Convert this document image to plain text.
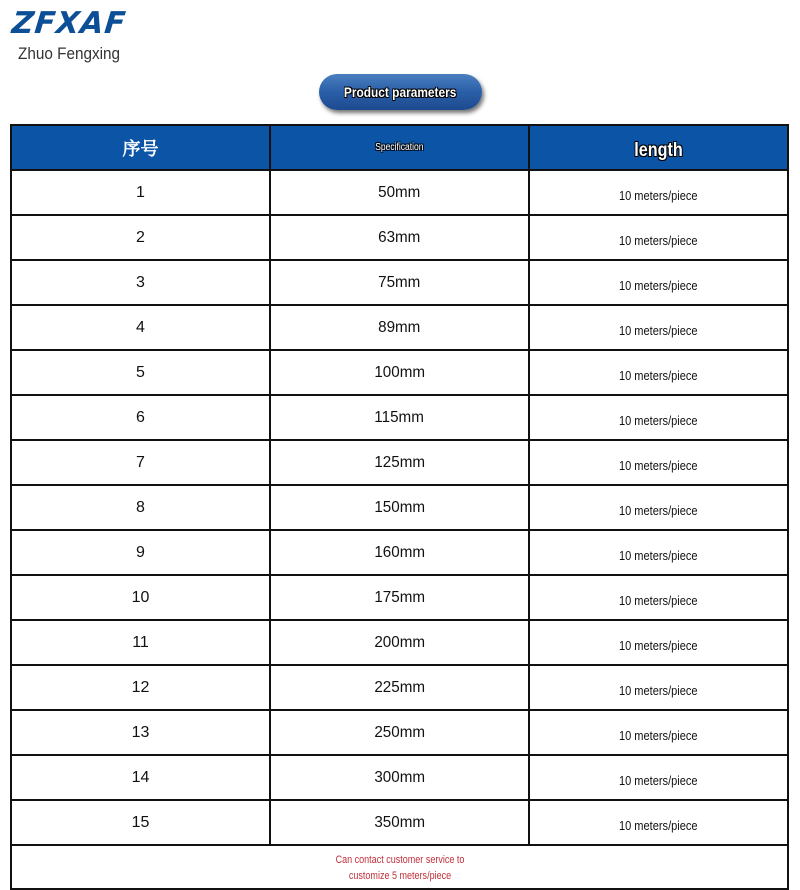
ZFXAF
Zhuo Fengxing
Product parameters
序号	Specification	length
1	50mm	10 meters/piece
2	63mm	10 meters/piece
3	75mm	10 meters/piece
4	89mm	10 meters/piece
5	100mm	10 meters/piece
6	115mm	10 meters/piece
7	125mm	10 meters/piece
8	150mm	10 meters/piece
9	160mm	10 meters/piece
10	175mm	10 meters/piece
11	200mm	10 meters/piece
12	225mm	10 meters/piece
13	250mm	10 meters/piece
14	300mm	10 meters/piece
15	350mm	10 meters/piece
Can contact customer service to customize 5 meters/piece		
